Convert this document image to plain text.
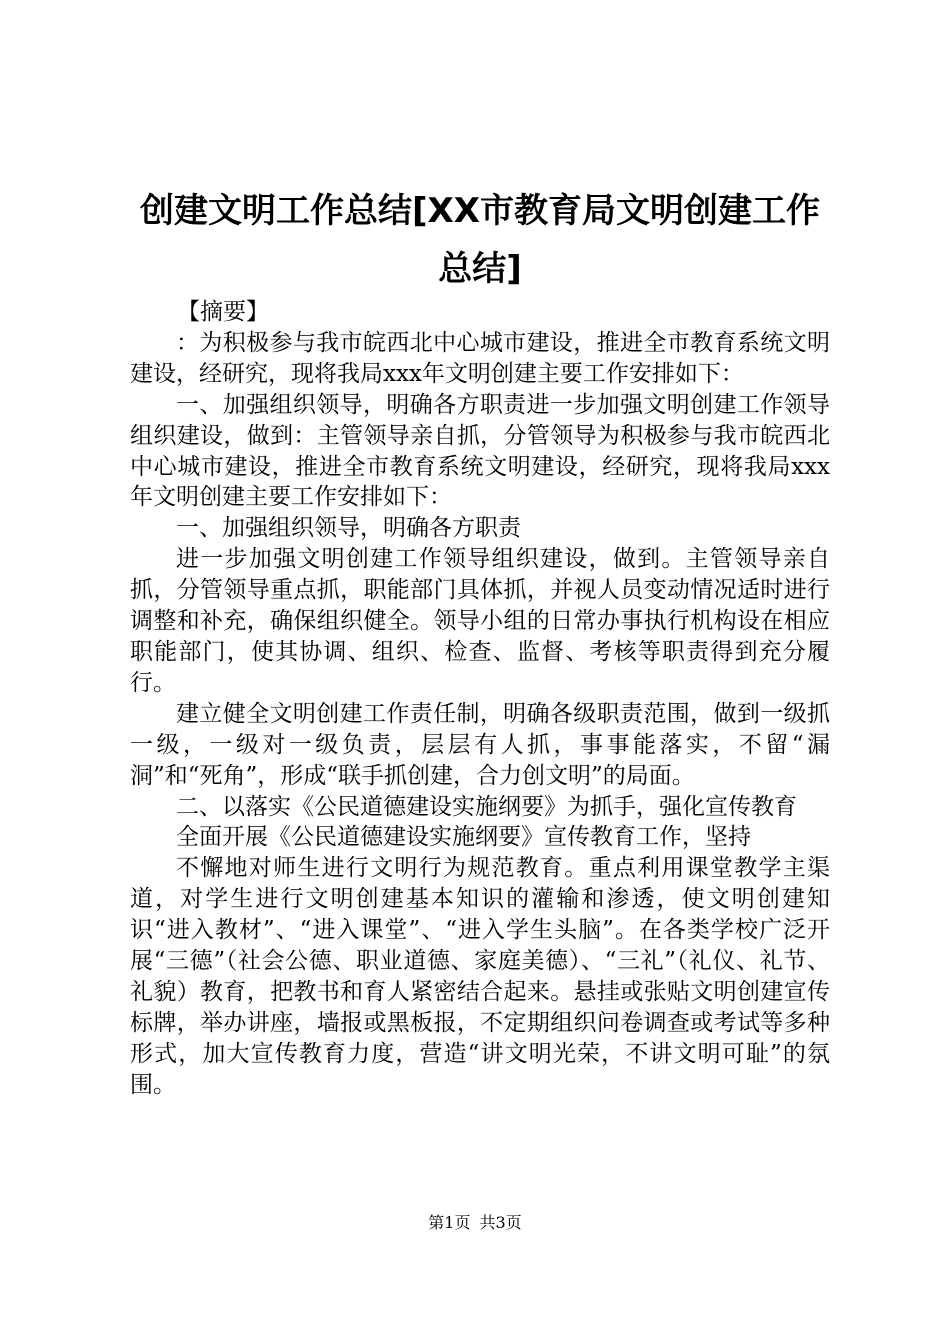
创建文明工作总结[XX市教育局文明创建工作总结]

【摘要】

：为积极参与我市皖西北中心城市建设，推进全市教育系统文明建设，经研究，现将我局xxx年文明创建主要工作安排如下：

一、加强组织领导，明确各方职责进一步加强文明创建工作领导组织建设，做到：主管领导亲自抓，分管领导为积极参与我市皖西北中心城市建设，推进全市教育系统文明建设，经研究，现将我局xxx年文明创建主要工作安排如下：

一、加强组织领导，明确各方职责

进一步加强文明创建工作领导组织建设，做到。主管领导亲自抓，分管领导重点抓，职能部门具体抓，并视人员变动情况适时进行调整和补充，确保组织健全。领导小组的日常办事执行机构设在相应职能部门，使其协调、组织、检查、监督、考核等职责得到充分履行。

建立健全文明创建工作责任制，明确各级职责范围，做到一级抓一级，一级对一级负责，层层有人抓，事事能落实，不留“漏洞”和“死角”，形成“联手抓创建，合力创文明”的局面。

二、以落实《公民道德建设实施纲要》为抓手，强化宣传教育

全面开展《公民道德建设实施纲要》宣传教育工作，坚持

不懈地对师生进行文明行为规范教育。重点利用课堂教学主渠道，对学生进行文明创建基本知识的灌输和渗透，使文明创建知识“进入教材”、“进入课堂”、“进入学生头脑”。在各类学校广泛开展“三德”（社会公德、职业道德、家庭美德）、“三礼”（礼仪、礼节、礼貌）教育，把教书和育人紧密结合起来。悬挂或张贴文明创建宣传标牌，举办讲座，墙报或黑板报，不定期组织问卷调查或考试等多种形式，加大宣传教育力度，营造“讲文明光荣，不讲文明可耻”的氛围。

第1页 共3页
